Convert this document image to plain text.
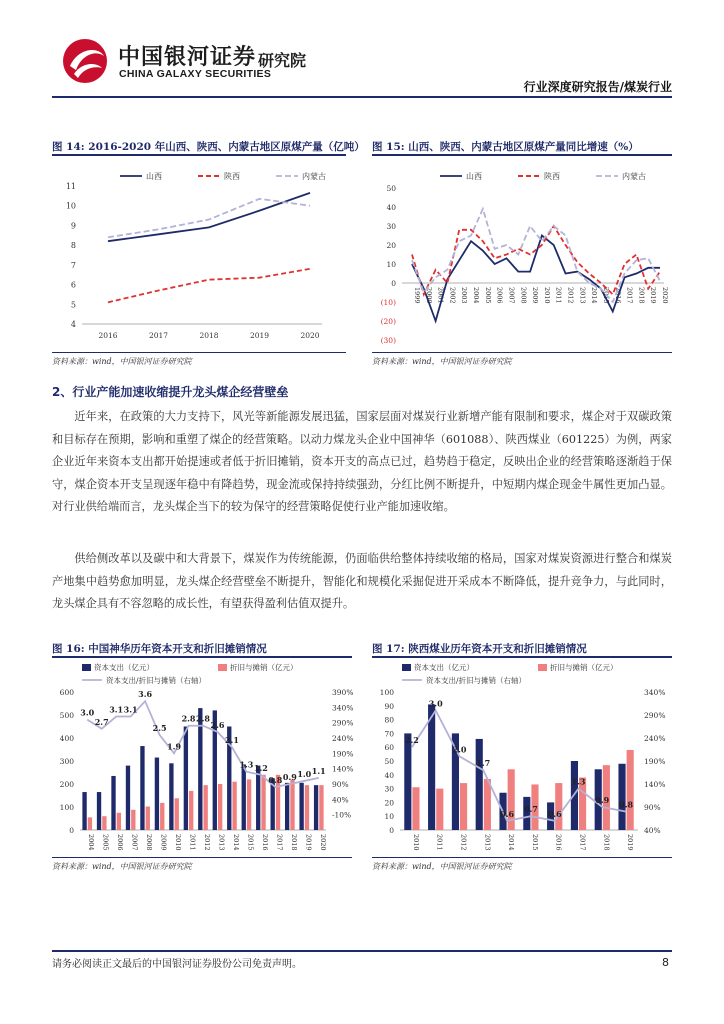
中国银河证券
CHINA GALAXY SECURITIES
研究院
行业深度研究报告/煤炭行业
图 14: 2016-2020 年山西、陕西、内蒙古地区原煤产量（亿吨）
4
5
6
7
8
9
10
11
2016	2017	2018	2019	2020
山西	陕西	内蒙古
资料来源：wind，中国银河证券研究院
图 15: 山西、陕西、内蒙古地区原煤产量同比增速（%）
(30)
(20)
(10)
0
10
20
30
40
50
1999 2000 2001 2002 2003 2004 2005 2006 2007 2008 2009 2010 2011 2012 2013 2014 2015 2016 2017 2018 2019 2020
山西	陕西	内蒙古
资料来源：wind，中国银河证券研究院
2、行业产能加速收缩提升龙头煤企经营壁垒

近年来，在政策的大力支持下，风光等新能源发展迅猛，国家层面对煤炭行业新增产能有限制和要求，煤企对于双碳政策和目标存在预期，影响和重塑了煤企的经营策略。以动力煤龙头企业中国神华（601088）、陕西煤业（601225）为例，两家企业近年来资本支出都开始提速或者低于折旧摊销，资本开支的高点已过，趋势趋于稳定，反映出企业的经营策略逐渐趋于保守，煤企资本开支呈现逐年稳中有降趋势，现金流或保持持续强劲，分红比例不断提升，中短期内煤企现金牛属性更加凸显。对行业供给端而言，龙头煤企当下的较为保守的经营策略促使行业产能加速收缩。

供给侧改革以及碳中和大背景下，煤炭作为传统能源，仍面临供给整体持续收缩的格局，国家对煤炭资源进行整合和煤炭产地集中趋势愈加明显，龙头煤企经营壁垒不断提升，智能化和规模化采掘促进开采成本不断降低，提升竞争力，与此同时，龙头煤企具有不容忽略的成长性，有望获得盈利估值双提升。

图 16: 中国神华历年资本开支和折旧摊销情况
0
100
200
300
400
500
600
-10%
40%
90%
140%
190%
240%
290%
340%
390%
2004 2005 2006 2007 2008 2009 2010 2011 2012 2013 2014 2015 2016 2017 2018 2019 2020
3.0
2.7
3.1 3.1
3.6
2.5
1.9
2.8 2.8
2.6
2.1
1.3 1.2
0.8 0.9 1.0 1.1
资本支出（亿元）	折旧与摊销（亿元）
资本支出/折旧与摊销（右轴）
资料来源：wind，中国银河证券研究院
图 17: 陕西煤业历年资本开支和折旧摊销情况
0
10
20
30
40
50
60
70
80
90
100
40%
90%
140%
190%
240%
290%
340%
2010 2011 2012 2013 2014 2015 2016 2017 2018 2019
2.2
3.0
2.0
1.7
0.6 0.7 0.6
1.3
0.9 0.8
资本支出（亿元）	折旧与摊销（亿元）
资本支出/折旧与摊销（右轴）
资料来源：wind，中国银河证券研究院
请务必阅读正文最后的中国银河证券股份公司免责声明。	8
